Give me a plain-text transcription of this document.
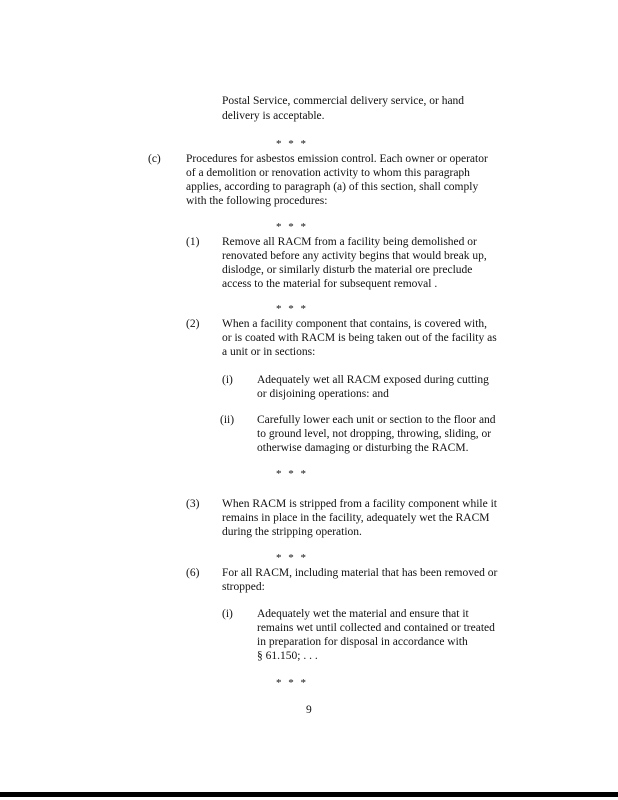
Postal Service, commercial delivery service, or hand
delivery is acceptable.
* * *
(c) Procedures for asbestos emission control. Each owner or operator
of a demolition or renovation activity to whom this paragraph
applies, according to paragraph (a) of this section, shall comply
with the following procedures:
* * *
(1) Remove all RACM from a facility being demolished or
renovated before any activity begins that would break up,
dislodge, or similarly disturb the material ore preclude
access to the material for subsequent removal .
* * *
(2) When a facility component that contains, is covered with,
or is coated with RACM is being taken out of the facility as
a unit or in sections:
(i) Adequately wet all RACM exposed during cutting
or disjoining operations: and
(ii) Carefully lower each unit or section to the floor and
to ground level, not dropping, throwing, sliding, or
otherwise damaging or disturbing the RACM.
* * *
(3) When RACM is stripped from a facility component while it
remains in place in the facility, adequately wet the RACM
during the stripping operation.
* * *
(6) For all RACM, including material that has been removed or
stropped:
(i) Adequately wet the material and ensure that it
remains wet until collected and contained or treated
in preparation for disposal in accordance with
§ 61.150; . . .
* * *
9
